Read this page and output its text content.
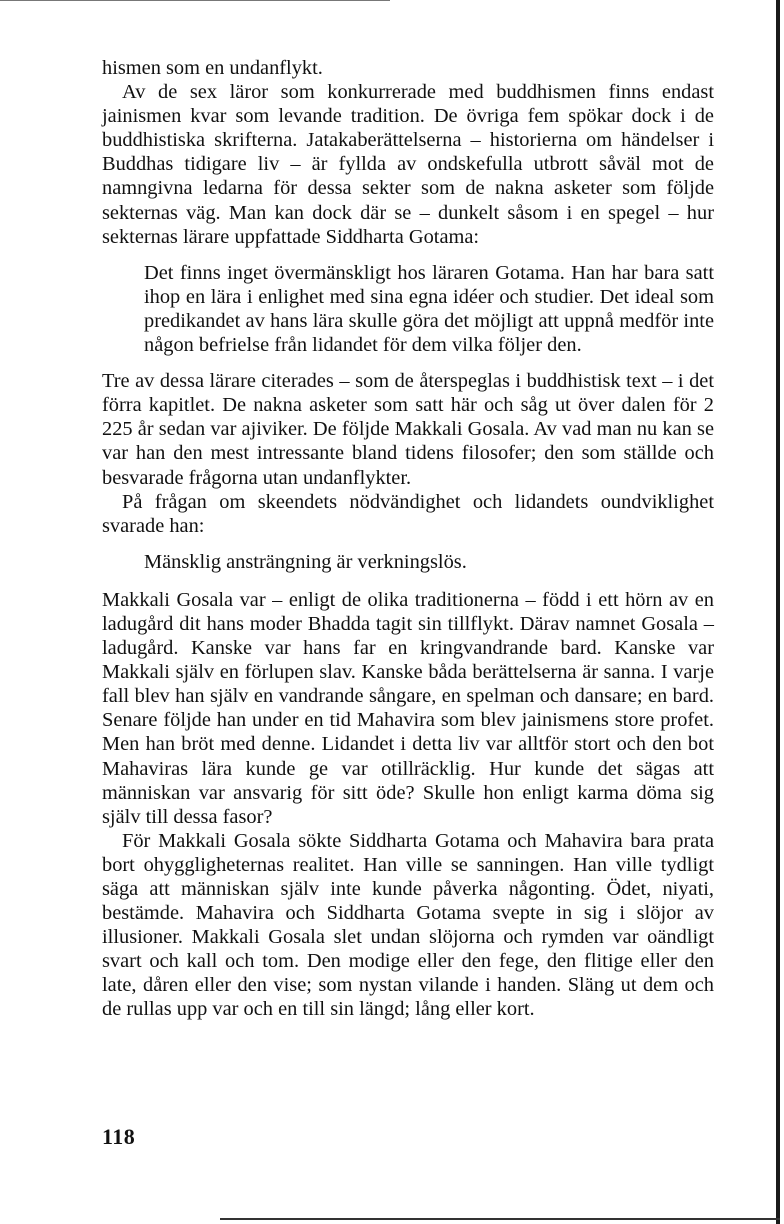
hismen som en undanflykt.

Av de sex läror som konkurrerade med buddhismen finns endast jainismen kvar som levande tradition. De övriga fem spökar dock i de buddhistiska skrifterna. Jatakaberättelserna – historierna om händelser i Buddhas tidigare liv – är fyllda av ondskefulla utbrott såväl mot de namngivna ledarna för dessa sekter som de nakna asketer som följde sekternas väg. Man kan dock där se – dunkelt såsom i en spegel – hur sekternas lärare uppfattade Siddharta Gotama:

Det finns inget övermänskligt hos läraren Gotama. Han har bara satt ihop en lära i enlighet med sina egna idéer och studier. Det ideal som predikandet av hans lära skulle göra det möjligt att uppnå medför inte någon befrielse från lidandet för dem vilka följer den.

Tre av dessa lärare citerades – som de återspeglas i buddhistisk text – i det förra kapitlet. De nakna asketer som satt här och såg ut över dalen för 2 225 år sedan var ajiviker. De följde Makkali Gosala. Av vad man nu kan se var han den mest intressante bland tidens filosofer; den som ställde och besvarade frågorna utan undanflykter.

På frågan om skeendets nödvändighet och lidandets oundviklighet svarade han:

Mänsklig ansträngning är verkningslös.

Makkali Gosala var – enligt de olika traditionerna – född i ett hörn av en ladugård dit hans moder Bhadda tagit sin tillflykt. Därav namnet Gosala – ladugård. Kanske var hans far en kringvandrande bard. Kanske var Makkali själv en förlupen slav. Kanske båda berättelserna är sanna. I varje fall blev han själv en vandrande sångare, en spelman och dansare; en bard. Senare följde han under en tid Mahavira som blev jainismens store profet. Men han bröt med denne. Lidandet i detta liv var alltför stort och den bot Mahaviras lära kunde ge var otillräcklig. Hur kunde det sägas att människan var ansvarig för sitt öde? Skulle hon enligt karma döma sig själv till dessa fasor?

För Makkali Gosala sökte Siddharta Gotama och Mahavira bara prata bort ohyggligheternas realitet. Han ville se sanningen. Han ville tydligt säga att människan själv inte kunde påverka någonting. Ödet, niyati, bestämde. Mahavira och Siddharta Gotama svepte in sig i slöjor av illusioner. Makkali Gosala slet undan slöjorna och rymden var oändligt svart och kall och tom. Den modige eller den fege, den flitige eller den late, dåren eller den vise; som nystan vilande i handen. Släng ut dem och de rullas upp var och en till sin längd; lång eller kort.

118
